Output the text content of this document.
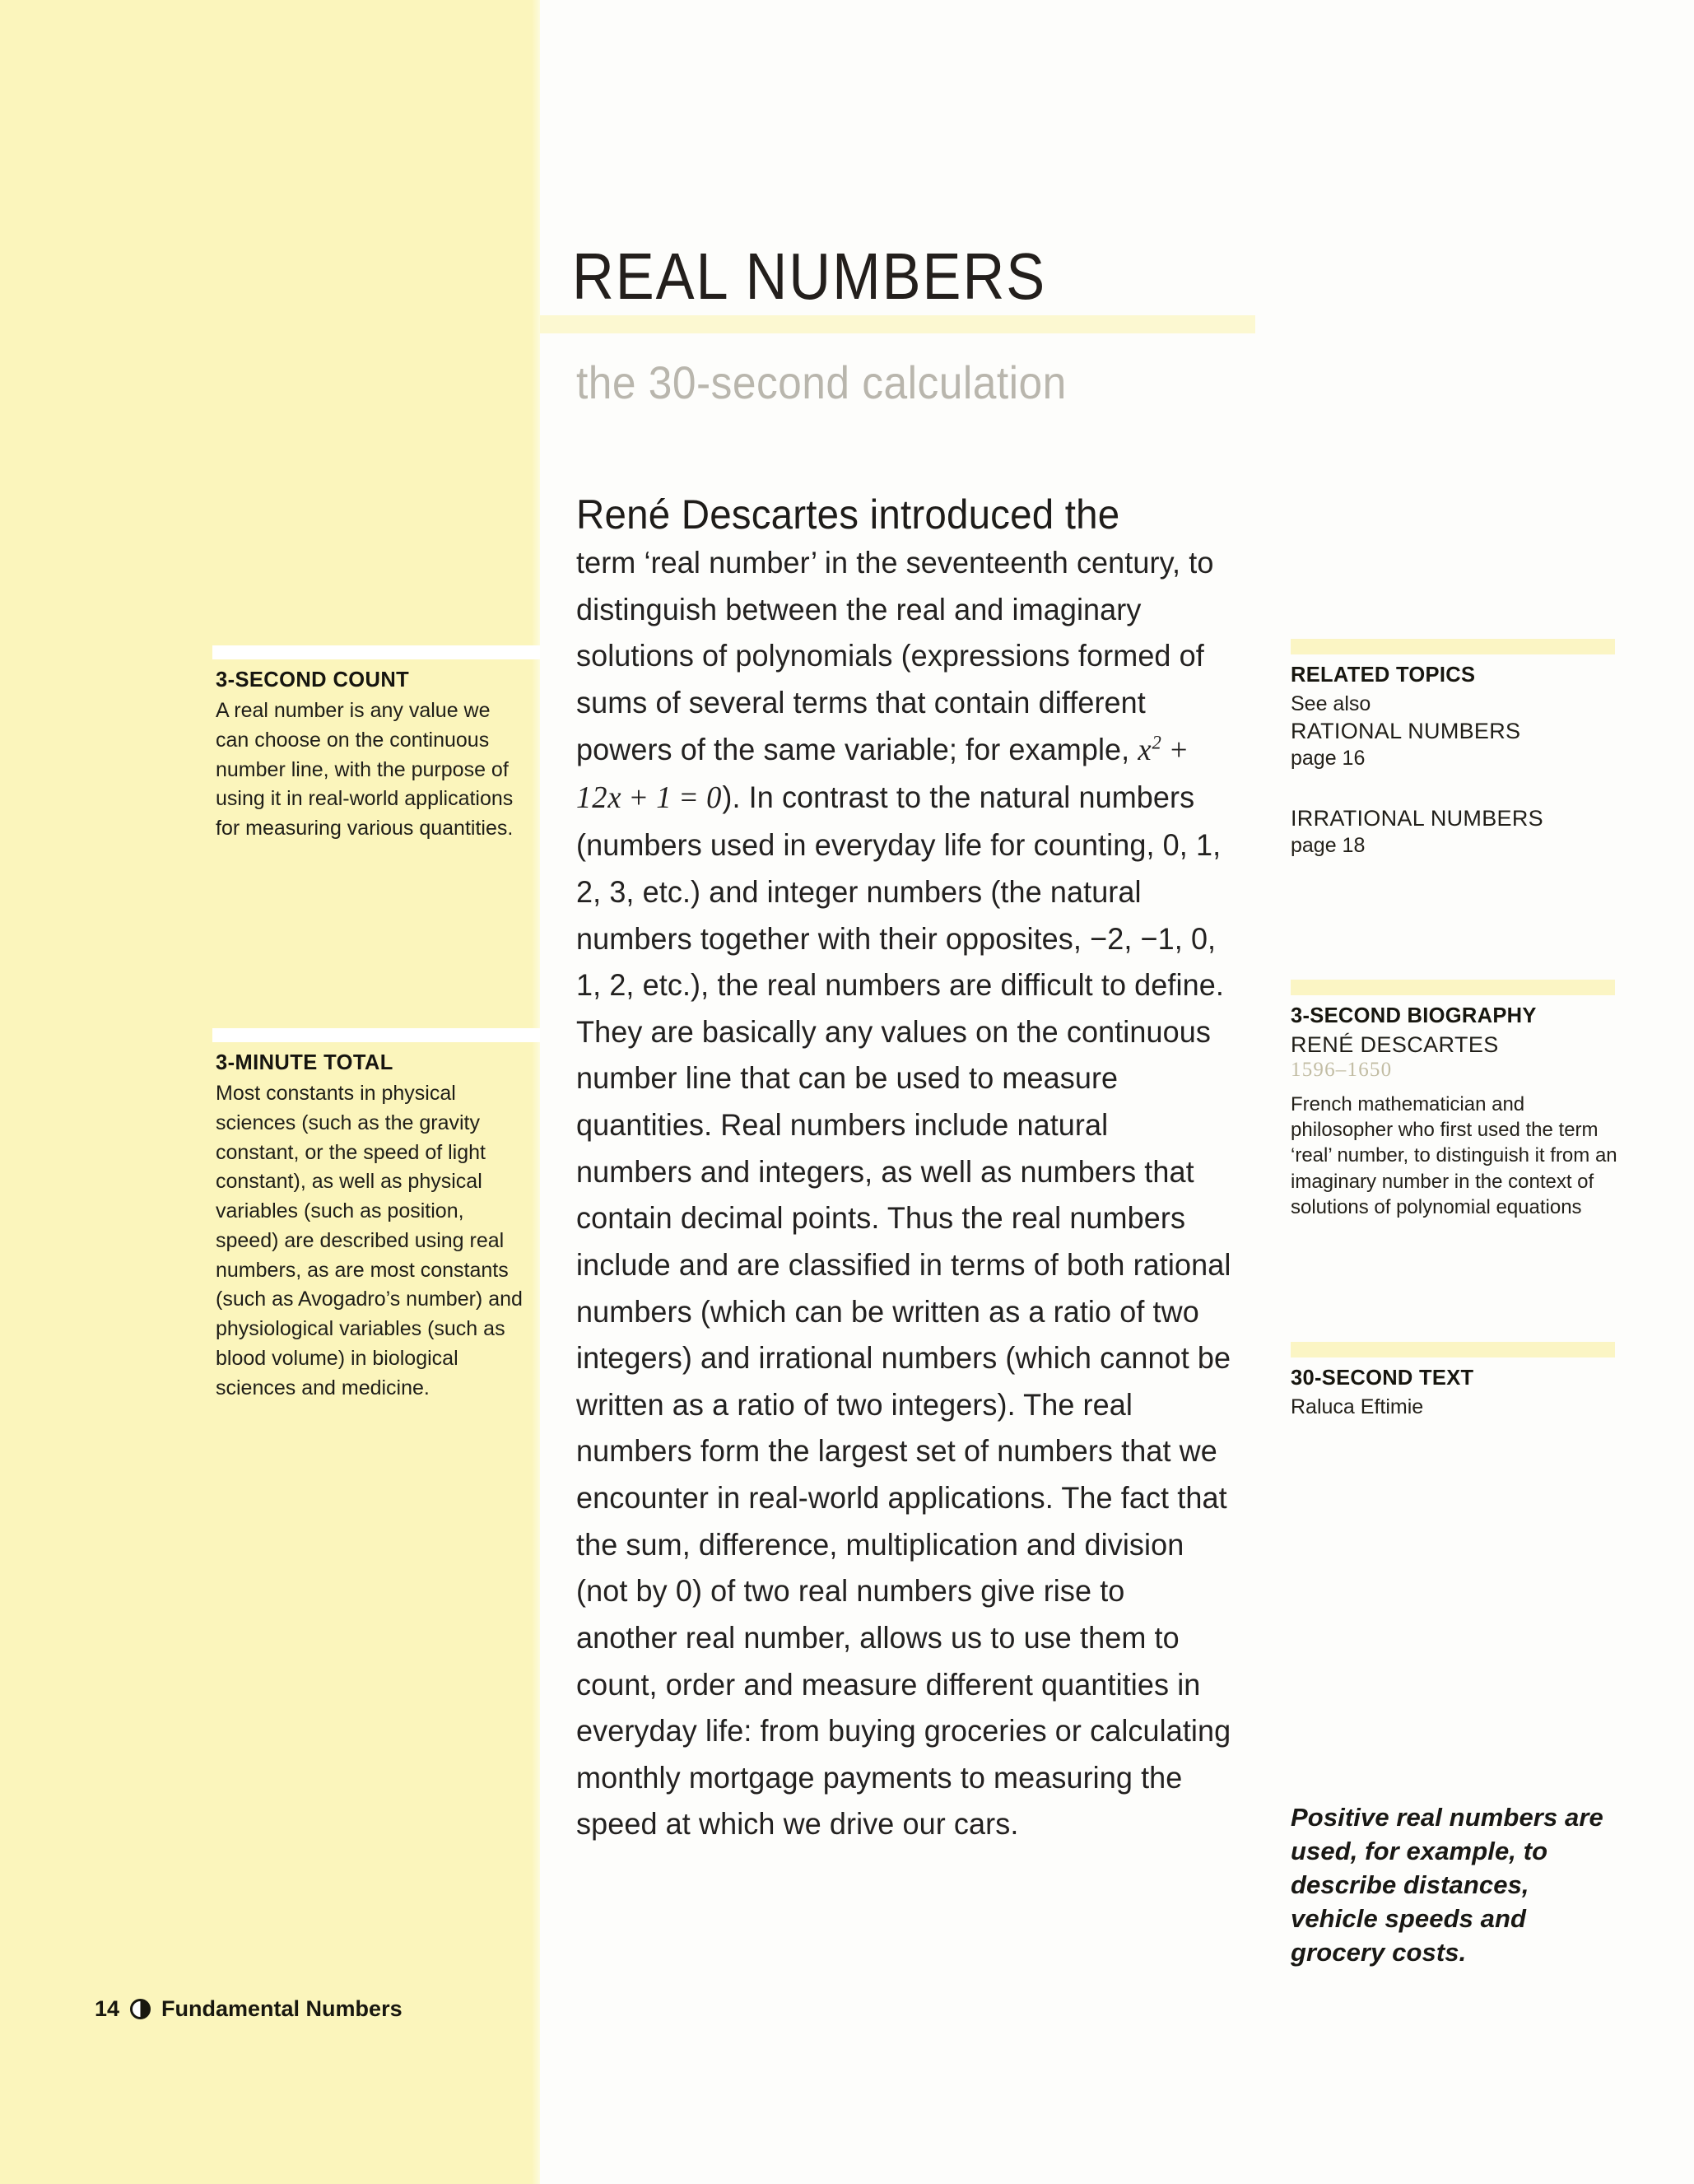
3-SECOND COUNT
A real number is any value we can choose on the continuous number line, with the purpose of using it in real-world applications for measuring various quantities.
3-MINUTE TOTAL
Most constants in physical sciences (such as the gravity constant, or the speed of light constant), as well as physical variables (such as position, speed) are described using real numbers, as are most constants (such as Avogadro’s number) and physiological variables (such as blood volume) in biological sciences and medicine.
REAL NUMBERS
the 30-second calculation
René Descartes introduced the
term ‘real number’ in the seventeenth century, to distinguish between the real and imaginary solutions of polynomials (expressions formed of sums of several terms that contain different powers of the same variable; for example, $x^2 + 12x + 1 = 0$). In contrast to the natural numbers (numbers used in everyday life for counting, 0, 1, 2, 3, etc.) and integer numbers (the natural numbers together with their opposites, −2, −1, 0, 1, 2, etc.), the real numbers are difficult to define. They are basically any values on the continuous number line that can be used to measure quantities. Real numbers include natural numbers and integers, as well as numbers that contain decimal points. Thus the real numbers include and are classified in terms of both rational numbers (which can be written as a ratio of two integers) and irrational numbers (which cannot be written as a ratio of two integers). The real numbers form the largest set of numbers that we encounter in real-world applications. The fact that the sum, difference, multiplication and division (not by 0) of two real numbers give rise to another real number, allows us to use them to count, order and measure different quantities in everyday life: from buying groceries or calculating monthly mortgage payments to measuring the speed at which we drive our cars.
RELATED TOPICS
See also
RATIONAL NUMBERS
page 16
IRRATIONAL NUMBERS
page 18
3-SECOND BIOGRAPHY
RENÉ DESCARTES
1596–1650
French mathematician and philosopher who first used the term ‘real’ number, to distinguish it from an imaginary number in the context of solutions of polynomial equations
30-SECOND TEXT
Raluca Eftimie
Positive real numbers are used, for example, to describe distances, vehicle speeds and grocery costs.
14 Fundamental Numbers
